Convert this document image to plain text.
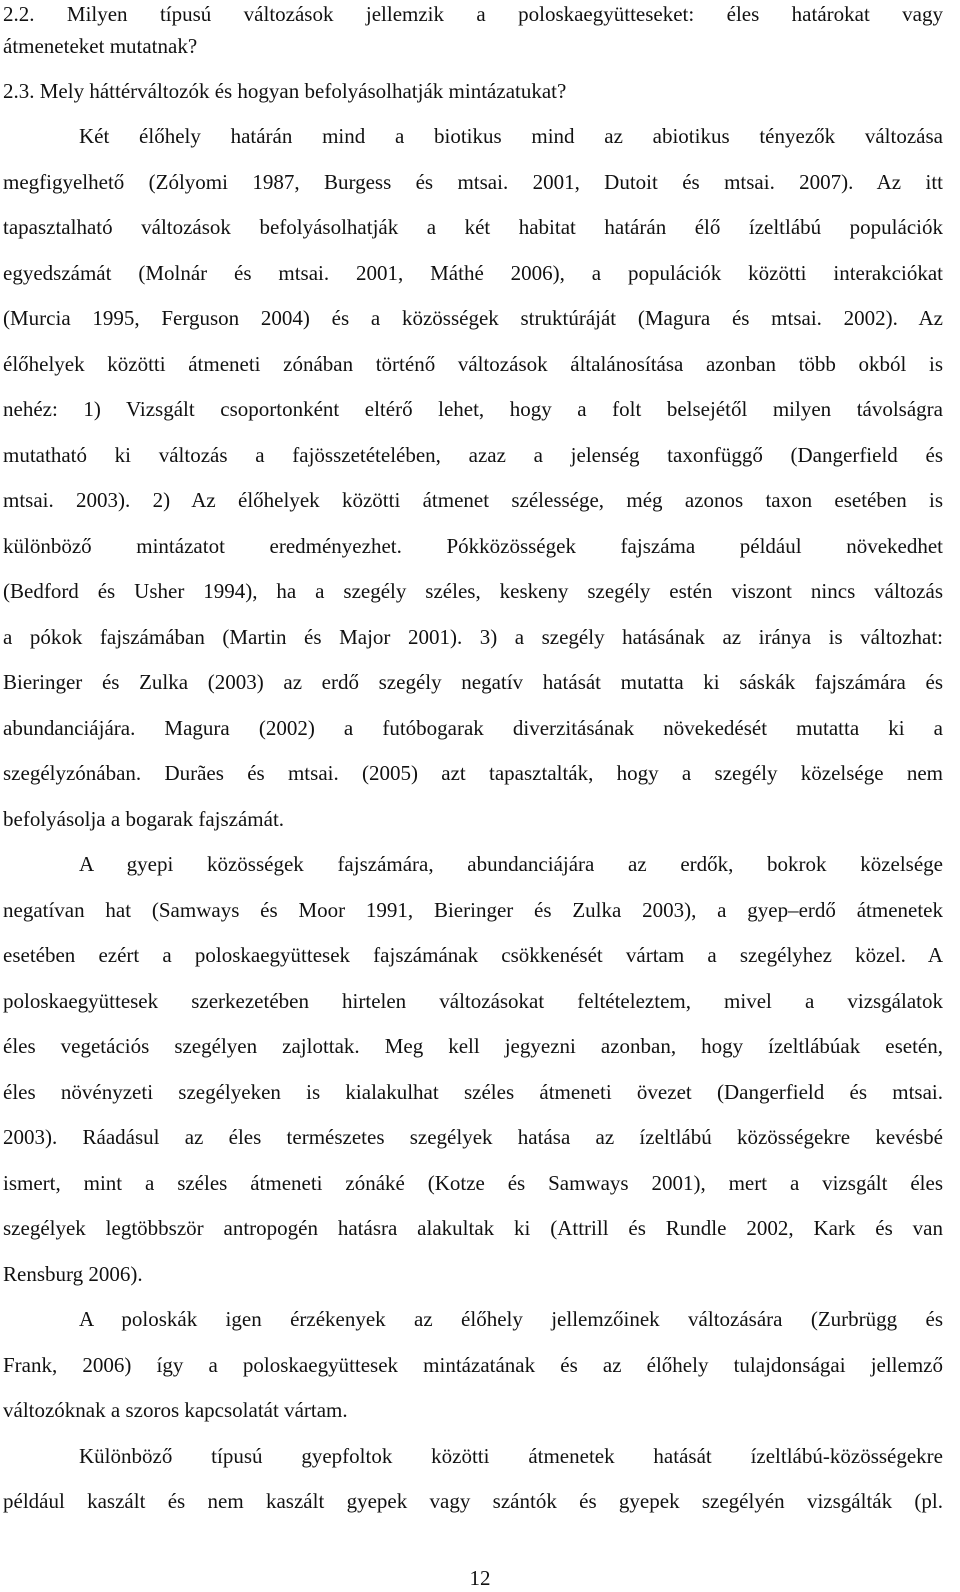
2.2. Milyen típusú változások jellemzik a poloskaegyütteseket: éles határokat vagy
átmeneteket mutatnak?
2.3. Mely háttérváltozók és hogyan befolyásolhatják mintázatukat?
Két élőhely határán mind a biotikus mind az abiotikus tényezők változása
megfigyelhető (Zólyomi 1987, Burgess és mtsai. 2001, Dutoit és mtsai. 2007). Az itt
tapasztalható változások befolyásolhatják a két habitat határán élő ízeltlábú populációk
egyedszámát (Molnár és mtsai. 2001, Máthé 2006), a populációk közötti interakciókat
(Murcia 1995, Ferguson 2004) és a közösségek struktúráját (Magura és mtsai. 2002). Az
élőhelyek közötti átmeneti zónában történő változások általánosítása azonban több okból is
nehéz: 1) Vizsgált csoportonként eltérő lehet, hogy a folt belsejétől milyen távolságra
mutatható ki változás a fajösszetételében, azaz a jelenség taxonfüggő (Dangerfield és
mtsai. 2003). 2) Az élőhelyek közötti átmenet szélessége, még azonos taxon esetében is
különböző mintázatot eredményezhet. Pókközösségek fajszáma például növekedhet
(Bedford és Usher 1994), ha a szegély széles, keskeny szegély estén viszont nincs változás
a pókok fajszámában (Martin és Major 2001). 3) a szegély hatásának az iránya is változhat:
Bieringer és Zulka (2003) az erdő szegély negatív hatását mutatta ki sáskák fajszámára és
abundanciájára. Magura (2002) a futóbogarak diverzitásának növekedését mutatta ki a
szegélyzónában. Durães és mtsai. (2005) azt tapasztalták, hogy a szegély közelsége nem
befolyásolja a bogarak fajszámát.
A gyepi közösségek fajszámára, abundanciájára az erdők, bokrok közelsége
negatívan hat (Samways és Moor 1991, Bieringer és Zulka 2003), a gyep–erdő átmenetek
esetében ezért a poloskaegyüttesek fajszámának csökkenését vártam a szegélyhez közel. A
poloskaegyüttesek szerkezetében hirtelen változásokat feltételeztem, mivel a vizsgálatok
éles vegetációs szegélyen zajlottak. Meg kell jegyezni azonban, hogy ízeltlábúak esetén,
éles növényzeti szegélyeken is kialakulhat széles átmeneti övezet (Dangerfield és mtsai.
2003). Ráadásul az éles természetes szegélyek hatása az ízeltlábú közösségekre kevésbé
ismert, mint a széles átmeneti zónáké (Kotze és Samways 2001), mert a vizsgált éles
szegélyek legtöbbször antropogén hatásra alakultak ki (Attrill és Rundle 2002, Kark és van
Rensburg 2006).
A poloskák igen érzékenyek az élőhely jellemzőinek változására (Zurbrügg és
Frank, 2006) így a poloskaegyüttesek mintázatának és az élőhely tulajdonságai jellemző
változóknak a szoros kapcsolatát vártam.
Különböző típusú gyepfoltok közötti átmenetek hatását ízeltlábú-közösségekre
például kaszált és nem kaszált gyepek vagy szántók és gyepek szegélyén vizsgálták (pl.
12
